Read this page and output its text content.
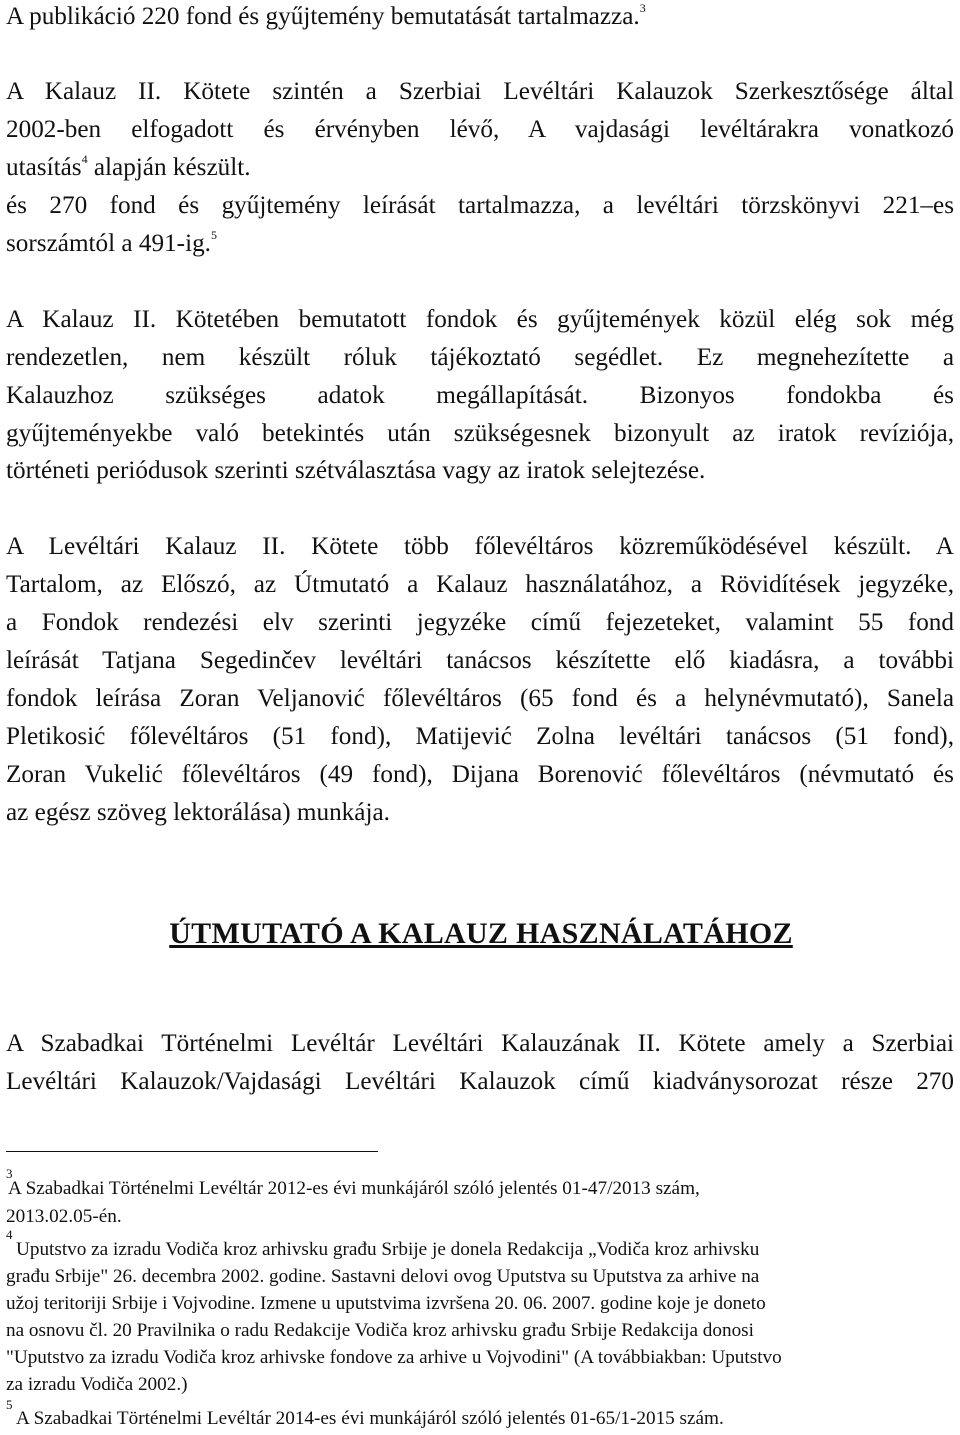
A publikáció 220 fond és gyűjtemény bemutatását tartalmazza.$^3$
A Kalauz II. Kötete szintén a Szerbiai Levéltári Kalauzok Szerkesztősége által
2002-ben elfogadott és érvényben lévő, A vajdasági levéltárakra vonatkozó
utasítás$^4$ alapján készült.
és 270 fond és gyűjtemény leírását tartalmazza, a levéltári törzskönyvi 221–es
sorszámtól a 491-ig.$^5$
A Kalauz II. Kötetében bemutatott fondok és gyűjtemények közül elég sok még
rendezetlen, nem készült róluk tájékoztató segédlet. Ez megnehezítette a
Kalauzhoz szükséges adatok megállapítását. Bizonyos fondokba és
gyűjteményekbe való betekintés után szükségesnek bizonyult az iratok revíziója,
történeti periódusok szerinti szétválasztása vagy az iratok selejtezése.
A Levéltári Kalauz II. Kötete több főlevéltáros közreműködésével készült. A
Tartalom, az Előszó, az Útmutató a Kalauz használatához, a Rövidítések jegyzéke,
a Fondok rendezési elv szerinti jegyzéke című fejezeteket, valamint 55 fond
leírását Tatjana Segedinčev levéltári tanácsos készítette elő kiadásra, a további
fondok leírása Zoran Veljanović főlevéltáros (65 fond és a helynévmutató), Sanela
Pletikosić főlevéltáros (51 fond), Matijević Zolna levéltári tanácsos (51 fond),
Zoran Vukelić főlevéltáros (49 fond), Dijana Borenović főlevéltáros (névmutató és
az egész szöveg lektorálása) munkája.
ÚTMUTATÓ A KALAUZ HASZNÁLATÁHOZ
A Szabadkai Történelmi Levéltár Levéltári Kalauzának II. Kötete amely a Szerbiai
Levéltári Kalauzok/Vajdasági Levéltári Kalauzok című kiadványsorozat része 270
3
A Szabadkai Történelmi Levéltár 2012-es évi munkájáról szóló jelentés 01-47/2013 szám,
2013.02.05-én.
4
Uputstvo za izradu Vodiča kroz arhivsku građu Srbije je donela Redakcija „Vodiča kroz arhivsku
građu Srbije" 26. decembra 2002. godine. Sastavni delovi ovog Uputstva su Uputstva za arhive na
užoj teritoriji Srbije i Vojvodine. Izmene u uputstvima izvršena 20. 06. 2007. godine koje je doneto
na osnovu čl. 20 Pravilnika o radu Redakcije Vodiča kroz arhivsku građu Srbije Redakcija donosi
"Uputstvo za izradu Vodiča kroz arhivske fondove za arhive u Vojvodini" (A továbbiakban: Uputstvo
za izradu Vodiča 2002.)
5
A Szabadkai Történelmi Levéltár 2014-es évi munkájáról szóló jelentés 01-65/1-2015 szám.
